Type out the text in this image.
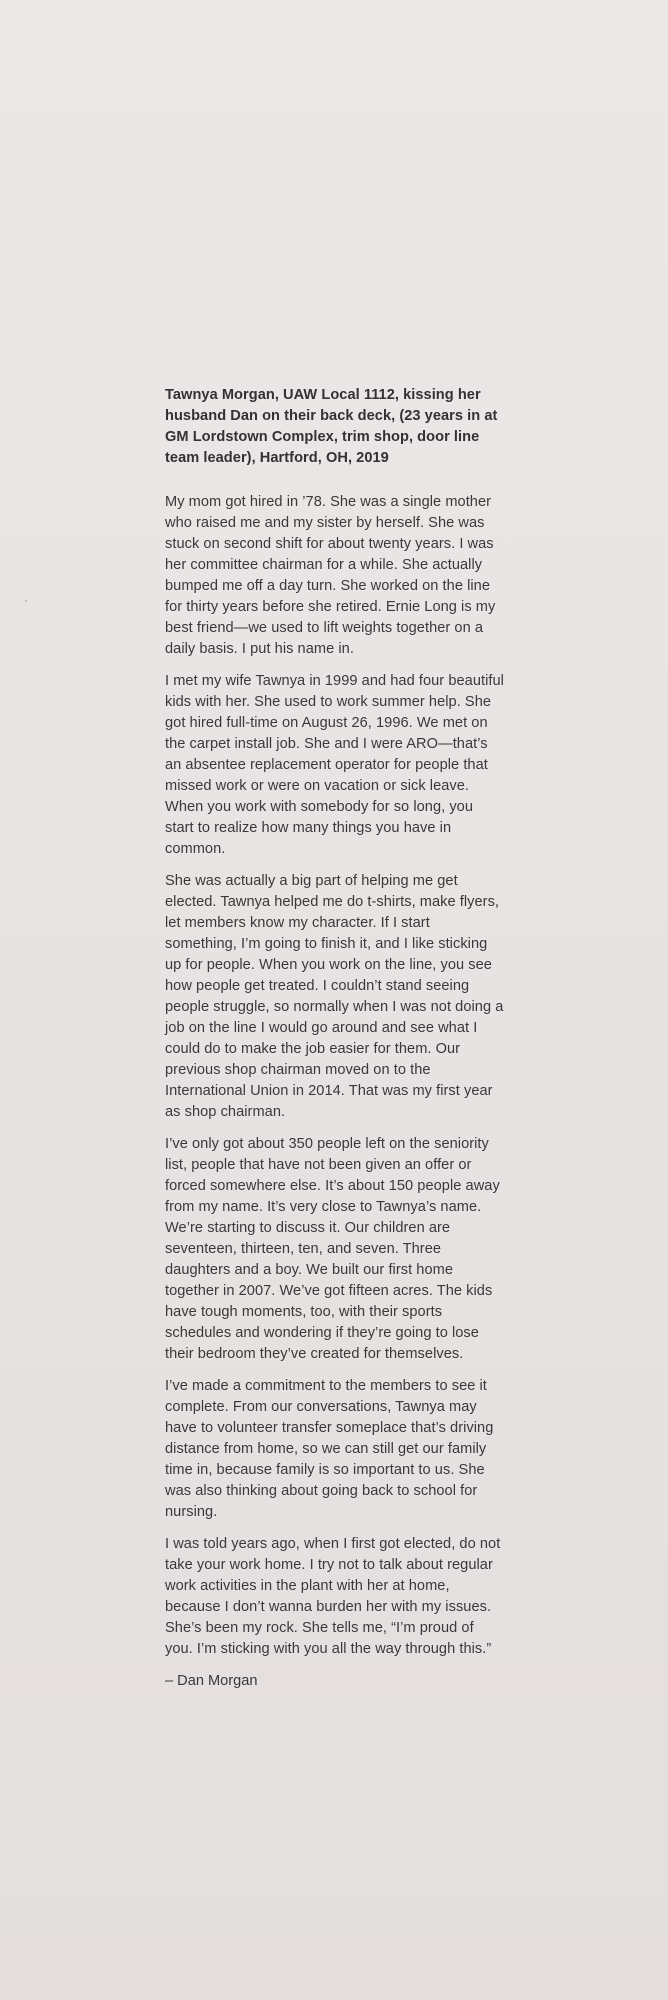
Tawnya Morgan, UAW Local 1112, kissing her husband Dan on their back deck, (23 years in at GM Lordstown Complex, trim shop, door line team leader), Hartford, OH, 2019

My mom got hired in ’78. She was a single mother who raised me and my sister by herself. She was stuck on second shift for about twenty years. I was her committee chairman for a while. She actually bumped me off a day turn. She worked on the line for thirty years before she retired. Ernie Long is my best friend—we used to lift weights together on a daily basis. I put his name in.

I met my wife Tawnya in 1999 and had four beautiful kids with her. She used to work summer help. She got hired full-time on August 26, 1996. We met on the carpet install job. She and I were ARO—that’s an absentee replacement operator for people that missed work or were on vacation or sick leave. When you work with somebody for so long, you start to realize how many things you have in common.

She was actually a big part of helping me get elected. Tawnya helped me do t-shirts, make flyers, let members know my character. If I start something, I’m going to finish it, and I like sticking up for people. When you work on the line, you see how people get treated. I couldn’t stand seeing people struggle, so normally when I was not doing a job on the line I would go around and see what I could do to make the job easier for them. Our previous shop chairman moved on to the International Union in 2014. That was my first year as shop chairman.

I’ve only got about 350 people left on the seniority list, people that have not been given an offer or forced somewhere else. It’s about 150 people away from my name. It’s very close to Tawnya’s name. We’re starting to discuss it. Our children are seventeen, thirteen, ten, and seven. Three daughters and a boy. We built our first home together in 2007. We’ve got fifteen acres. The kids have tough moments, too, with their sports schedules and wondering if they’re going to lose their bedroom they’ve created for themselves.

I’ve made a commitment to the members to see it complete. From our conversations, Tawnya may have to volunteer transfer someplace that’s driving distance from home, so we can still get our family time in, because family is so important to us. She was also thinking about going back to school for nursing.

I was told years ago, when I first got elected, do not take your work home. I try not to talk about regular work activities in the plant with her at home, because I don’t wanna burden her with my issues. She’s been my rock. She tells me, “I’m proud of you. I’m sticking with you all the way through this.”

– Dan Morgan
